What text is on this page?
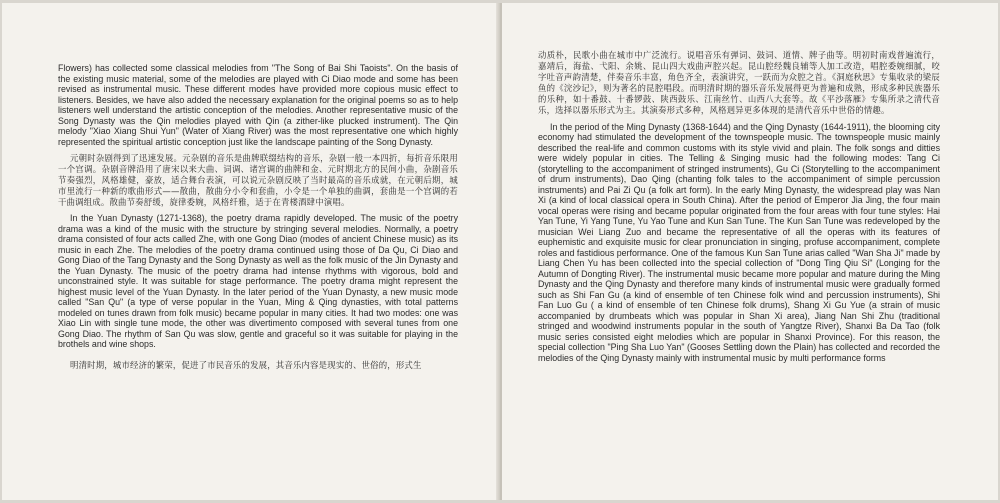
Flowers) has collected some classical melodies from "The Song of Bai Shi Taoists". On the basis of the existing music material, some of the melodies are played with Ci Diao mode and some has been revised as instrumental music. These different modes have provided more copious music effect to listeners. Besides, we have also added the necessary explanation for the original poems so as to help listeners well understand the artistic conception of the melodies. Another representative music of the Song Dynasty was the Qin melodies played with Qin (a zither-like plucked instrument). The Qin melody "Xiao Xiang Shui Yun" (Water of Xiang River) was the most representative one which highly represented the spiritual artistic conception just like the landscape painting of the Song Dynasty.

元朝时杂剧得到了迅速发展。元杂剧的音乐是曲牌联缀结构的音乐，杂剧一般一本四折，每折音乐限用一个宫调。杂剧音牌沿用了唐宋以来大曲、词调、诸宫调的曲牌和金、元时期北方的民间小曲，杂剧音乐节奏强烈，风格雄健，豪放，适合舞台表演，可以说元杂剧反映了当时最高的音乐成就，在元朝后期，城市里流行一种新的歌曲形式——散曲，散曲分小令和套曲，小令是一个单独的曲调，套曲是一个宫调的若干曲调组成。散曲节奏舒缓，旋律委婉，风格纤雅，适于在青楼酒肆中演唱。

In the Yuan Dynasty (1271-1368), the poetry drama rapidly developed. The music of the poetry drama was a kind of the music with the structure by stringing several melodies. Normally, a poetry drama consisted of four acts called Zhe, with one Gong Diao (modes of ancient Chinese music) as its music in each Zhe. The melodies of the poetry drama continued using those of Da Qu, Ci Diao and Gong Diao of the Tang Dynasty and the Song Dynasty as well as the folk music of the Jin Dynasty and the Yuan Dynasty. The music of the poetry drama had intense rhythms with vigorous, bold and unconstrained style. It was suitable for stage performance. The poetry drama might represent the highest music level of the Yuan Dynasty. In the later period of the Yuan Dynasty, a new music mode called "San Qu" (a type of verse popular in the Yuan, Ming & Qing dynasties, with total patterns modeled on tunes drawn from folk music) became popular in many cities. It had two modes: one was Xiao Lin with single tune mode, the other was divertimento composed with several tunes from one Gong Diao. The rhythm of San Qu was slow, gentle and graceful so it was suitable for playing in the brothels and wine shops.

明清时期，城市经济的繁荣，促进了市民音乐的发展，其音乐内容是现实的、世俗的，形式生

动质朴，民歌小曲在城市中广泛流行。说唱音乐有弹词、鼓词、道情、牌子曲等。明初时南戏普遍流行，嘉靖后，海盐、弋阳、余姚、昆山四大戏曲声腔兴起。昆山腔经魏良辅等人加工改造，唱腔委婉细腻，咬字吐音声韵清楚，伴奏音乐丰富，角色齐全，表演讲究，一跃而为众腔之首。《洞庭秋思》专集收录的梁辰鱼的《浣沙记》，则为著名的昆腔唱段。而明清时期的器乐音乐发展得更为普遍和成熟，形成多种民族器乐的乐种，如十番鼓、十番锣鼓、陕西鼓乐、江南丝竹、山西八大套等。故《平沙落雁》专集所录之清代音乐，选择以器乐形式为主。其演奏形式多种，风格迥异更多体现的是清代音乐中世俗的情趣。

In the period of the Ming Dynasty (1368-1644) and the Qing Dynasty (1644-1911), the blooming city economy had stimulated the development of the townspeople music. The townspeople music mainly described the real-life and common customs with its style vivid and plain. The folk songs and ditties were widely popular in cities. The Telling & Singing music had the following modes: Tang Ci (storytelling to the accompaniment of stringed instruments), Gu Ci (Storytelling to the accompaniment of drum instruments), Dao Qing (chanting folk tales to the accompaniment of simple percussion instruments) and Pai Zi Qu (a folk art form). In the early Ming Dynasty, the widespread play was Nan Xi (a kind of local classical opera in South China). After the period of Emperor Jia Jing, the four main vocal operas were rising and became popular originated from the four areas with four tune styles: Hai Yan Tune, Yi Yang Tune, Yu Yao Tune and Kun San Tune. The Kun San Tune was redeveloped by the musician Wei Liang Zuo and became the representative of all the operas with its features of euphemistic and exquisite music for clear pronunciation in singing, profuse accompaniment, complete roles and fastidious performance. One of the famous Kun San Tune arias called "Wan Sha Ji" made by Liang Chen Yu has been collected into the special collection of "Dong Ting Qiu Si" (Longing for the Autumn of Dongting River). The instrumental music became more popular and mature during the Ming Dynasty and the Qing Dynasty and therefore many kinds of instrumental music were gradually formed such as Shi Fan Gu (a kind of ensemble of ten Chinese folk wind and percussion instruments), Shi Fan Luo Gu ( a kind of ensemble of ten Chinese folk drums), Shang Xi Gu Yue (a strain of music accompanied by drumbeats which was popular in Shan Xi area), Jiang Nan Shi Zhu (traditional stringed and woodwind instruments popular in the south of Yangtze River), Shanxi Ba Da Tao (folk music series consisted eight melodies which are popular in Shanxi Province). For this reason, the special collection "Ping Sha Luo Yan" (Gooses Settling down the Plain) has collected and recorded the melodies of the Qing Dynasty mainly with instrumental music by multi performance forms
